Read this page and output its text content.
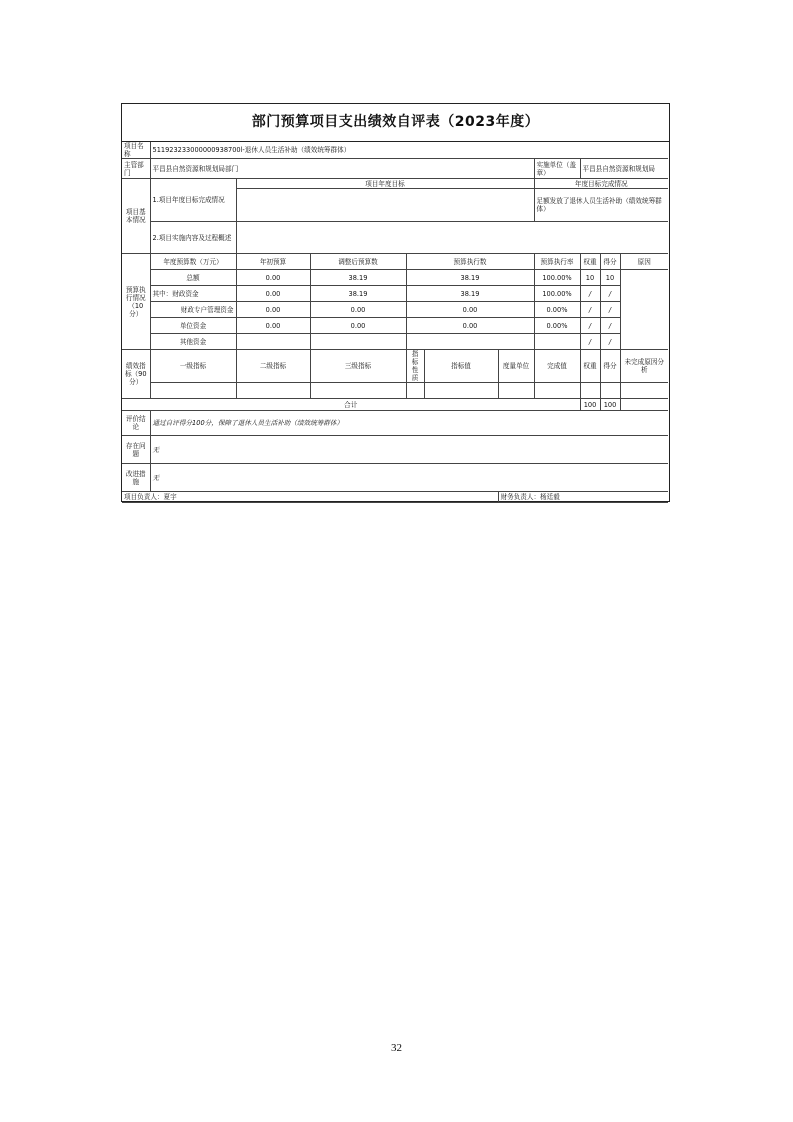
部门预算项目支出绩效自评表（2023年度）
项目名称	511923233000000938700l-退休人员生活补助（绩效统筹群体）									
主管部门	平昌县自然资源和规划局部门						实施单位（盖章）	平昌县自然资源和规划局		
项目基本情况	1.项目年度目标完成情况	项目年度目标					年度目标完成情况			
							足额发放了退休人员生活补助（绩效统筹群体）			
	2.项目实施内容及过程概述									
预算执行情况（10分）	年度预算数（万元）	年初预算	调整后预算数	预算执行数			预算执行率	权重	得分	原因
	总额	0.00	38.19	38.19			100.00%	10	10	
	其中：财政资金	0.00	38.19	38.19			100.00%	/	/	
	财政专户管理资金	0.00	0.00	0.00			0.00%	/	/	
	单位资金	0.00	0.00	0.00			0.00%	/	/	
	其他资金							/	/	
绩效指标（90分）	一级指标	二级指标	三级指标	指标性质	指标值	度量单位	完成值	权重	得分	未完成原因分析

合计								100	100	
评价结论	通过自评得分100分，保障了退休人员生活补助（绩效统筹群体）									
存在问题	无									
改进措施	无									
项目负责人：夏宇						财务负责人：杨廷毅				
32
